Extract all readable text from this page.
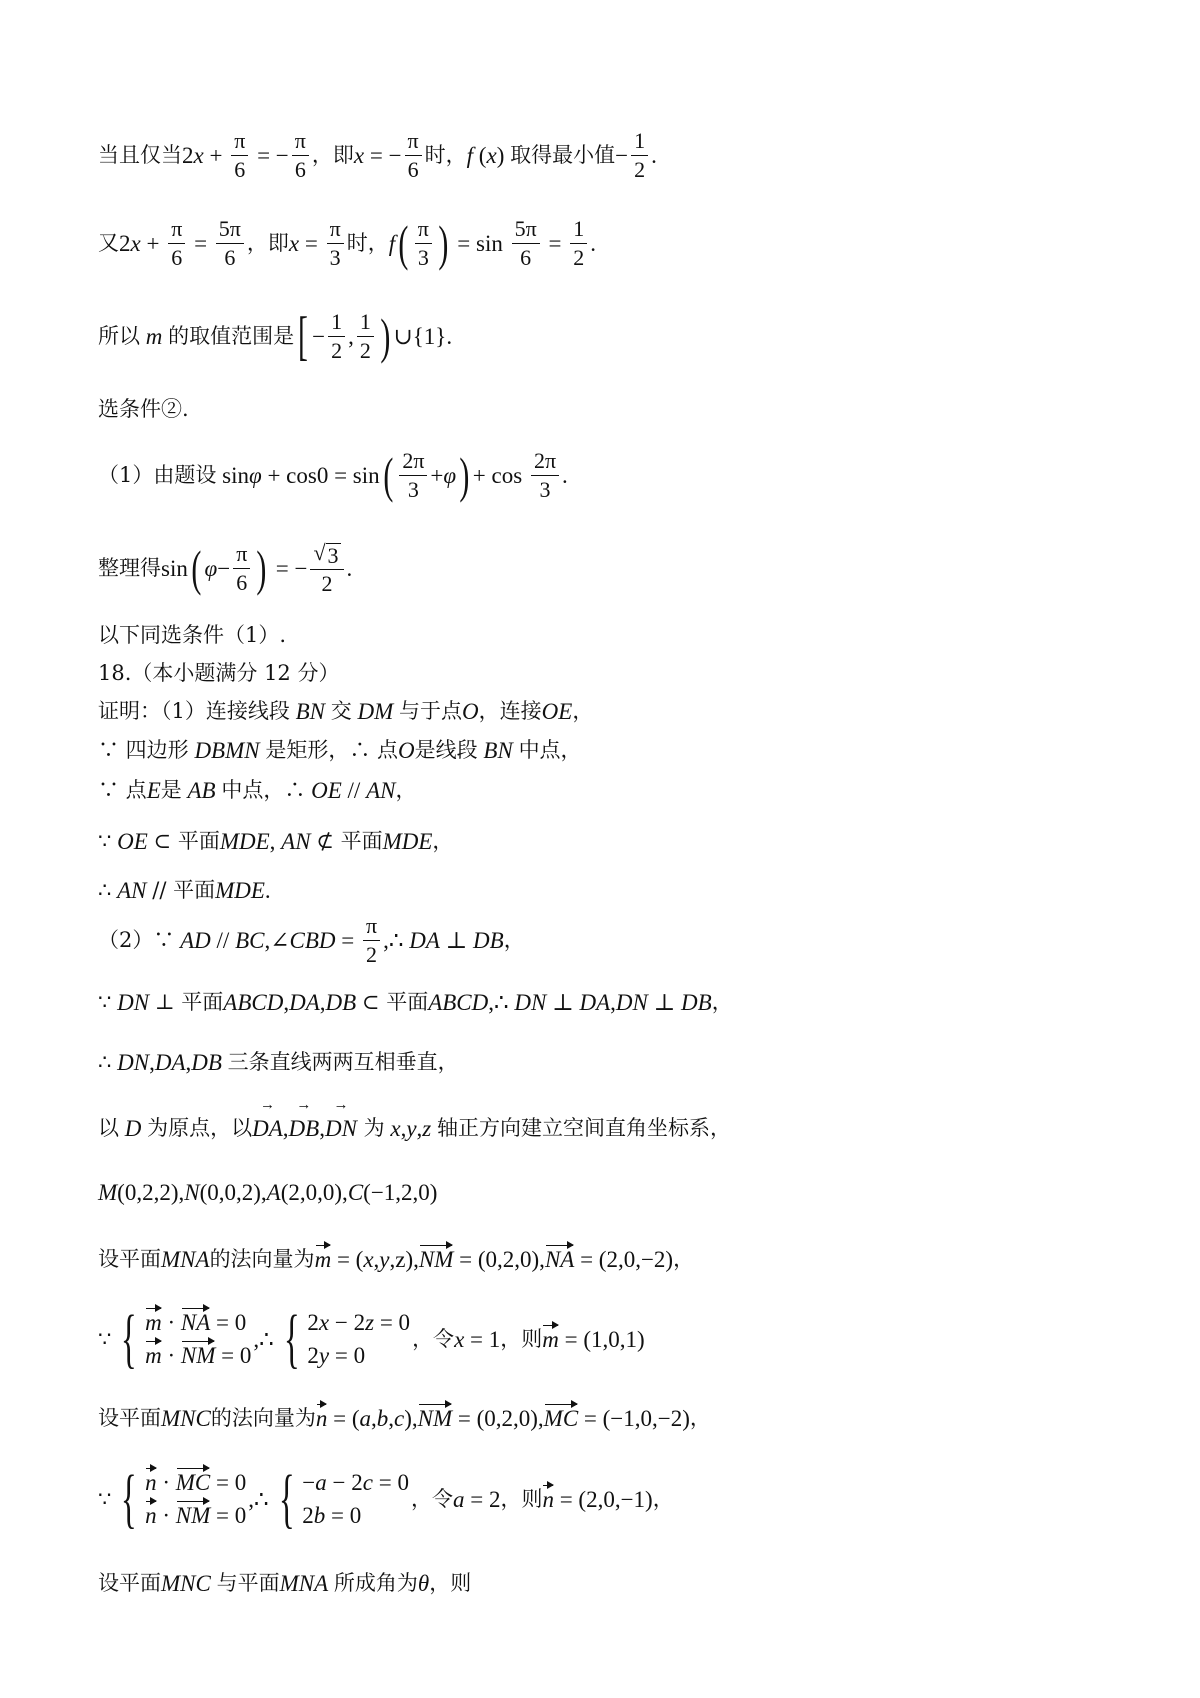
当且仅当 2 $x + \frac{\pi}{6}$ = − $\frac{\pi}{6}$ ，即 x = − $\frac{\pi}{6}$ 时， f ( x ) 取得最小值 − $\frac{1}{2}$ .
又 2 $x + \frac{\pi}{6} = \frac{5\pi}{6}$ ，即 $x = \frac{\pi}{3}$ 时， f ( $\frac{\pi}{3}$ ) = $\sin \frac{5\pi}{6} = \frac{1}{2}$ .
所以 m 的取值范围是 [ − $\frac{1}{2}$ , $\frac{1}{2}$ ) ∪{1}.
选条件②.
（1）由题设 sin φ + cos0 = sin ( $\frac{2\pi}{3} + \varphi$ ) + $\cos \frac{2\pi}{3}$ .
整理得 sin ( $\varphi - \frac{\pi}{6}$ ) = − $\frac{√ 3}{2}$ .
以下同选条件（1）.
18.（本小题满分 12 分）
证明：（1）连接线段 BN 交 DM 与于点 O ，连接 OE ，
∵ 四边形 DBMN 是矩形，∴ 点 O 是线段 BN 中点，
∵ 点 E 是 AB 中点，∴ OE // AN ，
∵ OE ⊂ 平面 MDE , AN ⊄ 平面 MDE ，
∴ AN // 平面 MDE .
（2）∵ AD // BC ,∠ CBD = $\frac{\pi}{2}$ ,∴ DA ⊥ DB ，
∵ DN ⊥ 平面 ABCD , DA , DB ⊂ 平面 ABCD ,∴ DN ⊥ DA , DN ⊥ DB ，
∴ DN , DA , DB 三条直线两两互相垂直，
以 D 为原点，以 DA → , DB → , DN →
为 x , y , z 轴正方向建立空间直角坐标系，
M (0,2,2), N (0,0,2), A (2,0,0), C (−1,2,0)
设平面 MNA 的法向量为 m = ( x , y ,z), NM = (0,2,0), NA = (2,0,−2) ，
∵ { m · NA = 0
m · NM = 0
,∴ { 2x − 2z = 0
2y = 0
，令 x = 1 ，则 m = (1,0,1)
设平面 MNC 的法向量为 n = ( a , b , c ), NM = (0,2,0), MC = (−1,0,−2) ，
∵ { n · MC = 0
n · NM = 0
,∴ { −a − 2c = 0
2b = 0
，令 a = 2 ，则 n = (2,0,−1) ，
设平面 MNC 与平面 MNA 所成角为 θ ，则
